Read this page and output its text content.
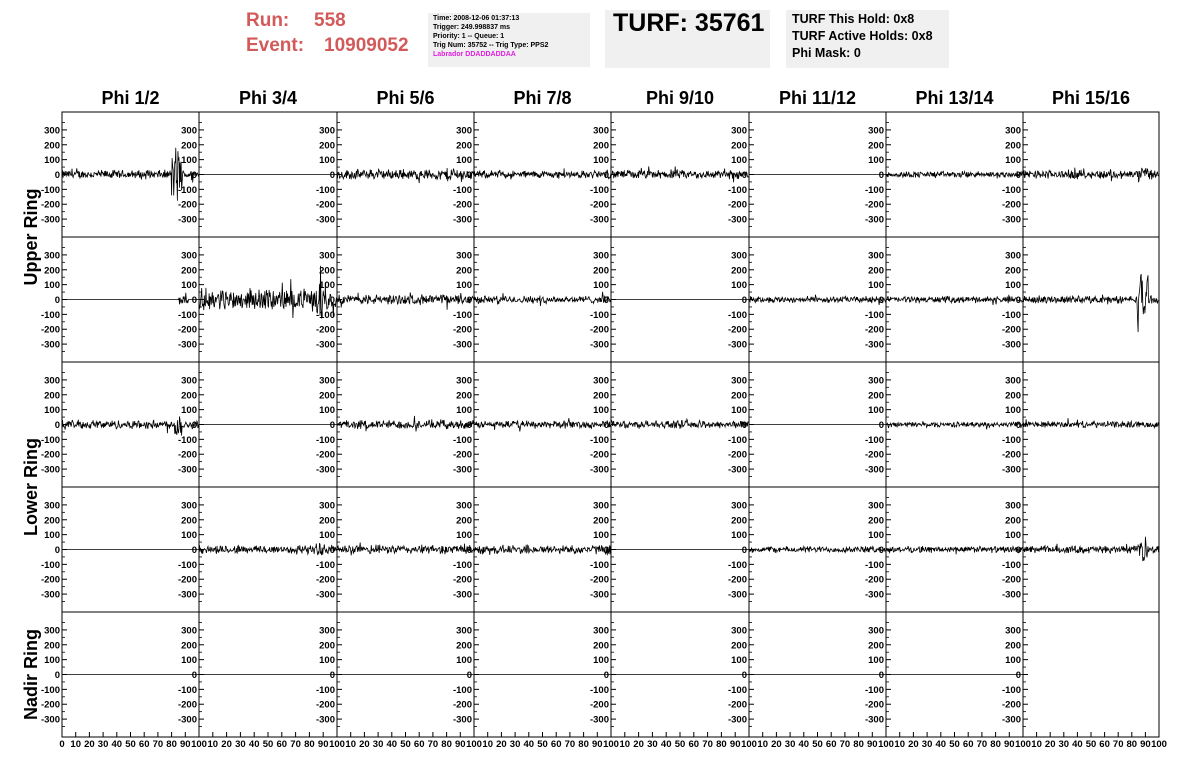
Run: 558
Event: 10909052
Time: 2008-12-06 01:37:13
Trigger: 249.998837 ms
Priority: 1 -- Queue: 1
Trig Num: 35752 -- Trig Type: PPS2
Labrador DDADDADDAA
TURF: 35761	TURF This Hold: 0x8
TURF Active Holds: 0x8
Phi Mask: 0
Phi 1/2	Phi 3/4	Phi 5/6	Phi 7/8	Phi 9/10	Phi 11/12	Phi 13/14	Phi 15/16
Upper Ring
Lower Ring
Nadir Ring
300
200
100
0
-100
-200
-300
300
200
100
0
-100
-200
-300
300
200
100
0
-100
-200
-300
300
200
100
0
-100
-200
-300
300
200
100
0
-100
-200
-300
300
200
100
0
-100
-200
-300
300
200
100
0
-100
-200
-300
300
200
100
0
-100
-200
-300
300
200
100
0
-100
-200
-300
300
200
100
0
-100
-200
-300
300
200
100
0
-100
-200
-300
300
200
100
0
-100
-200
-300
300
200
100
0
-100
-200
-300
300
200
100
0
-100
-200
-300
300
200
100
0
-100
-200
-300
300
200
100
0
-100
-200
-300
300
200
100
0
-100
-200
-300
300
200
100
0
-100
-200
-300
300
200
100
0
-100
-200
-300
300
200
100
0
-100
-200
-300
300
200
100
0
-100
-200
-300
300
200
100
0
-100
-200
-300
300
200
100
0
-100
-200
-300
300
200
100
0
-100
-200
-300
300
200
100
0
-100
-200
-300
300
200
100
0
-100
-200
-300
300
200
100
0
-100
-200
-300
300
200
100
0
-100
-200
-300
300
200
100
0
-100
-200
-300
300
200
100
0
-100
-200
-300
300
200
100
0
-100
-200
-300
300
200
100
0
-100
-200
-300
300
200
100
0
-100
-200
-300
0 10 20 30 40 50 60 70 80 90 100
300
200
100
0
-100
-200
-300
10 20 30 40 50 60 70 80 90 100
300
200
100
0
-100
-200
-300
10 20 30 40 50 60 70 80 90 100
300
200
100
0
-100
-200
-300
10 20 30 40 50 60 70 80 90 100
300
200
100
0
-100
-200
-300
10 20 30 40 50 60 70 80 90 100
300
200
100
0
-100
-200
-300
10 20 30 40 50 60 70 80 90 100
300
200
100
0
-100
-200
-300
10 20 30 40 50 60 70 80 90 100
300
200
100
0
-100
-200
-300
10 20 30 40 50 60 70 80 90 100
